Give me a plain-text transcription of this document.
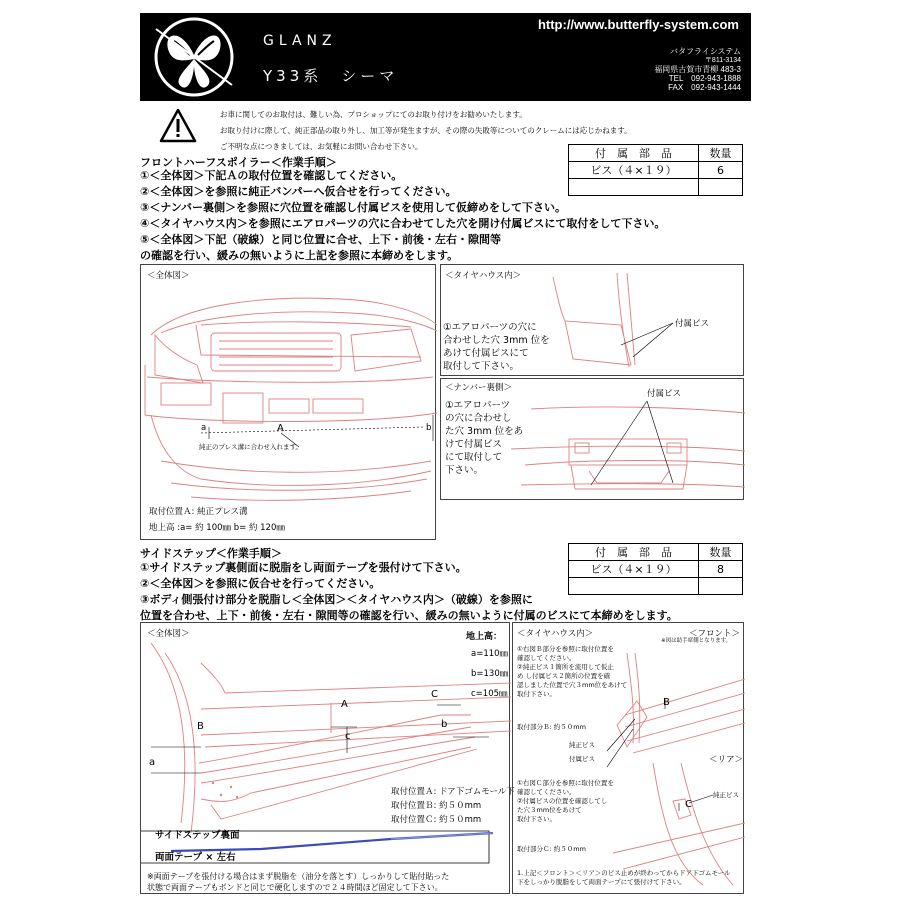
GLANZ
Y33系　シーマ
http://www.butterfly-system.com
バタフライシステム
〒811-3134
福岡県古賀市青柳 483-3
TEL　092-943-1888
FAX　092-943-1444
お車に関してのお取付は、難しい為、プロショップにてのお取り付けをお勧めいたします。
お取り付けに際して、純正部品の取り外し、加工等が発生ますが、その際の失敗等についてのクレームには応じかねます。
ご不明な点につきましては、お気軽にお問い合わせ下さい。
フロントハーフスポイラー＜作業手順＞
①＜全体図＞下記Ａの取付位置を確認してください。
②＜全体図＞を参照に純正バンパーへ仮合せを行ってください。
③＜ナンバー裏側＞を参照に穴位置を確認し付属ビスを使用して仮締めをして下さい。
④＜タイヤハウス内＞を参照にエアロパーツの穴に合わせてした穴を開け付属ビスにて取付をして下さい。
⑤＜全体図＞下記（破線）と同じ位置に合せ、上下・前後・左右・隙間等
の確認を行い、緩みの無いように上記を参照に本締めをします。
付　属　部　品	数量
ビス（４×１９）	6

＜全体図＞
a	A	b
純正のプレス溝に合わせ入れます。
取付位置Ａ: 純正プレス溝
地上高 :a= 約 100㎜ b= 約 120㎜
＜タイヤハウス内＞
①エアロパーツの穴に
合わせした穴 3mm 位を
あけて付属ビスにて
取付して下さい。
付属ビス
＜ナンバー裏側＞
①エアロパーツ
の穴に合わせし
た穴 3mm 位をあ
けて付属ビス
にて取付して
下さい。
付属ビス
サイドステップ＜作業手順＞
①サイドステップ裏側面に脱脂をし両面テープを張付けて下さい。
②＜全体図＞を参照に仮合せを行ってください。
③ボディ側張付け部分を脱脂し＜全体図＞＜タイヤハウス内＞（破線）を参照に
位置を合わせ、上下・前後・左右・隙間等の確認を行い、緩みの無いように付属のビスにて本締めをします。
付　属　部　品	数量
ビス（４×１９）	8

＜全体図＞	地上高：
a=110㎜
b=130㎜
c=105㎜
A
B
C
a
b
c
取付位置Ａ: ドア下ゴムモール下
取付位置Ｂ: 約５０mm
取付位置Ｃ: 約５０mm
サイドステップ裏面
両面テープ × 左右
※両面テープを張付ける場合はまず脱脂を（油分を落とす）しっかりして貼付貼った
状態で両面テープもボンドと同じで硬化しますので２４時間ほど固定して下さい。
＜タイヤハウス内＞	＜フロント＞
※図は助手席側となります。
①右図Ｂ部分を参照に取付位置を
確認してください。
②純正ビス１箇所を流用して仮止
め し付属ビス２箇所の位置を確
認しました位置で穴３mm位をあけて
取付下さい。
B
取付部分Ｂ: 約５０mm
純正ビス
付属ビス	＜リア＞
純正ビス
C
①右図Ｃ部分を参照に取付位置を
確認してください。
②付属ビスの位置を確認してし
た穴３mm位をあけて
取付下さい。
取付部分Ｃ: 約５０mm
1.上記＜フロント＞＜リア＞のビス止めが終わってからドア下ゴムモール
下をしっかり脱脂をして両面テープにて張付けて下さい。
